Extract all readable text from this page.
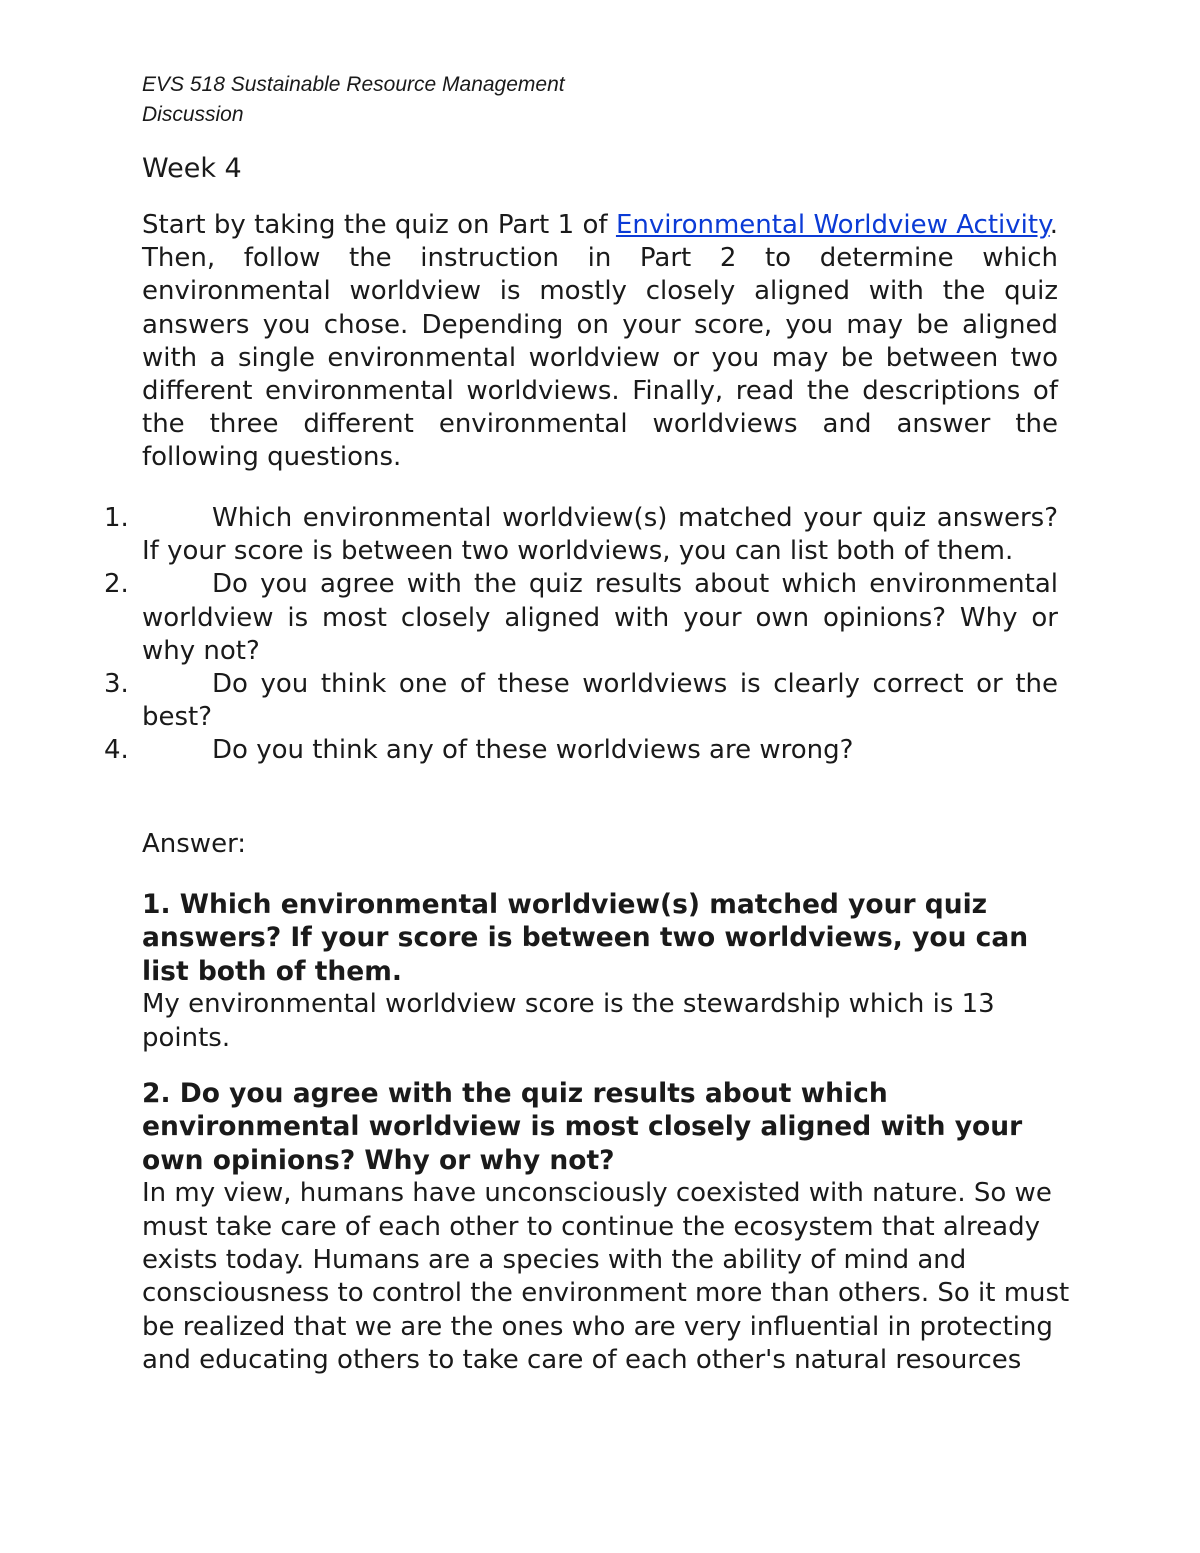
EVS 518 Sustainable Resource Management
Discussion
Week 4
Start by taking the quiz on Part 1 of Environmental Worldview Activity. Then, follow the instruction in Part 2 to determine which environmental worldview is mostly closely aligned with the quiz answers you chose. Depending on your score, you may be aligned with a single environmental worldview or you may be between two different environmental worldviews. Finally, read the descriptions of the three different environmental worldviews and answer the following questions.
1.	Which environmental worldview(s) matched your quiz answers? If your score is between two worldviews, you can list both of them.
2.	Do you agree with the quiz results about which environmental worldview is most closely aligned with your own opinions? Why or why not?
3.	Do you think one of these worldviews is clearly correct or the best?
4.	Do you think any of these worldviews are wrong?
Answer:

1. Which environmental worldview(s) matched your quiz answers? If your score is between two worldviews, you can list both of them.

My environmental worldview score is the stewardship which is 13 points.

2. Do you agree with the quiz results about which environmental worldview is most closely aligned with your own opinions? Why or why not?

In my view, humans have unconsciously coexisted with nature. So we must take care of each other to continue the ecosystem that already exists today. Humans are a species with the ability of mind and consciousness to control the environment more than others. So it must be realized that we are the ones who are very influential in protecting and educating others to take care of each other's natural resources
